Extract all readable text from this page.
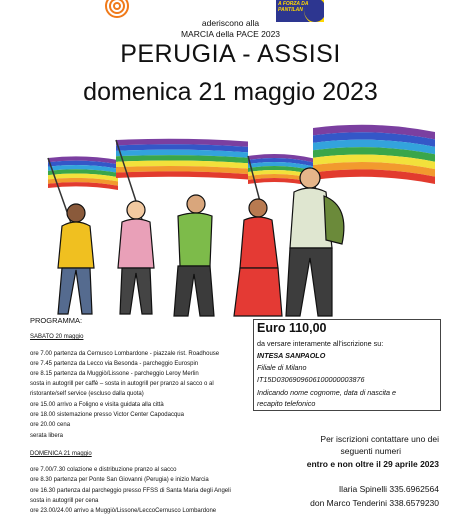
A FORZA DA
PANTILAN
aderiscono alla
MARCIA della PACE 2023
PERUGIA - ASSISI
domenica 21 maggio 2023
PROGRAMMA:
SABATO 20 maggio
ore 7.00 partenza da Cernusco Lombardone - piazzale rist. Roadhouse
ore 7.45 partenza da Lecco via Besonda - parcheggio Eurospin
ore 8.15 partenza da Muggiò/Lissone - parcheggio Leroy Merlin
sosta in autogrill per caffè – sosta in autogrill per pranzo al sacco o al
ristorante/self service (escluso dalla quota)
ore 15.00 arrivo a Foligno e visita guidata alla città
ore 18.00 sistemazione presso Victor Center Capodacqua
ore 20.00 cena
serata libera
DOMENICA 21 maggio
ore 7.00/7.30 colazione e distribuzione pranzo al sacco
ore 8.30 partenza per Ponte San Giovanni (Perugia) e inizio Marcia
ore 16.30 partenza dal parcheggio presso FFSS di Santa Maria degli Angeli
sosta in autogrill per cena
ore 23.00/24.00 arrivo a Muggiò/Lissone/LeccoCernusco Lombardone
Euro 110,00
da versare interamente all’iscrizione su:
INTESA SANPAOLO
Filiale di Milano
IT15D0306909606100000003876
Indicando nome cognome, data di nascita e
recapito telefonico
Per iscrizioni contattare uno dei
seguenti numeri
entro e non oltre il 29 aprile 2023
Ilaria Spinelli 335.6962564
don Marco Tenderini 338.6579230
